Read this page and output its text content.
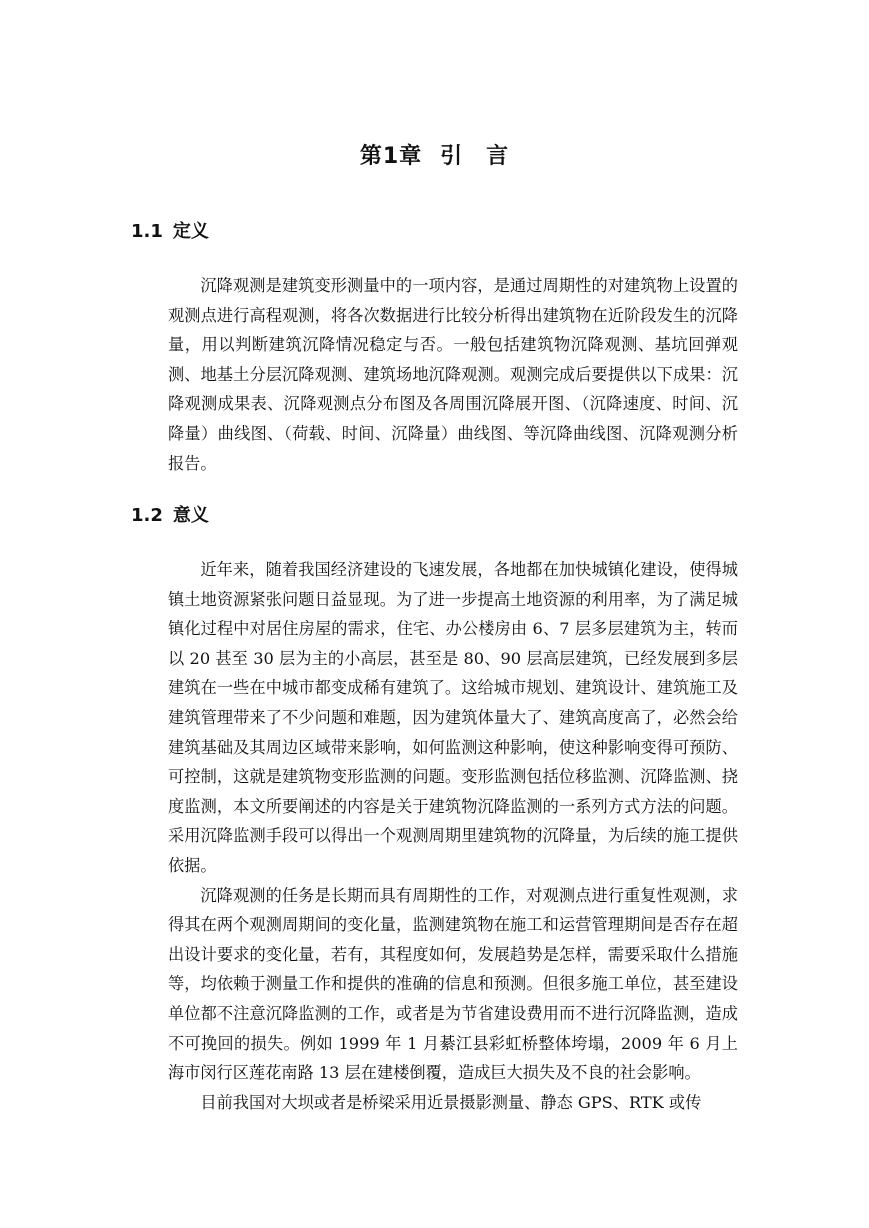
第1章 引　言
1.1 定义

沉降观测是建筑变形测量中的一项内容，是通过周期性的对建筑物上设置的观测点进行高程观测，将各次数据进行比较分析得出建筑物在近阶段发生的沉降量，用以判断建筑沉降情况稳定与否。一般包括建筑物沉降观测、基坑回弹观测、地基土分层沉降观测、建筑场地沉降观测。观测完成后要提供以下成果：沉降观测成果表、沉降观测点分布图及各周围沉降展开图、（沉降速度、时间、沉降量）曲线图、（荷载、时间、沉降量）曲线图、等沉降曲线图、沉降观测分析报告。

1.2 意义

近年来，随着我国经济建设的飞速发展，各地都在加快城镇化建设，使得城镇土地资源紧张问题日益显现。为了进一步提高土地资源的利用率，为了满足城镇化过程中对居住房屋的需求，住宅、办公楼房由 6、7 层多层建筑为主，转而以 20 甚至 30 层为主的小高层，甚至是 80、90 层高层建筑，已经发展到多层建筑在一些在中城市都变成稀有建筑了。这给城市规划、建筑设计、建筑施工及建筑管理带来了不少问题和难题，因为建筑体量大了、建筑高度高了，必然会给建筑基础及其周边区域带来影响，如何监测这种影响，使这种影响变得可预防、可控制，这就是建筑物变形监测的问题。变形监测包括位移监测、沉降监测、挠度监测，本文所要阐述的内容是关于建筑物沉降监测的一系列方式方法的问题。采用沉降监测手段可以得出一个观测周期里建筑物的沉降量，为后续的施工提供依据。

沉降观测的任务是长期而具有周期性的工作，对观测点进行重复性观测，求得其在两个观测周期间的变化量，监测建筑物在施工和运营管理期间是否存在超出设计要求的变化量，若有，其程度如何，发展趋势是怎样，需要采取什么措施等，均依赖于测量工作和提供的准确的信息和预测。但很多施工单位，甚至建设单位都不注意沉降监测的工作，或者是为节省建设费用而不进行沉降监测，造成不可挽回的损失。例如 1999 年 1 月綦江县彩虹桥整体垮塌，2009 年 6 月上海市闵行区莲花南路 13 层在建楼倒覆，造成巨大损失及不良的社会影响。

目前我国对大坝或者是桥梁采用近景摄影测量、静态 GPS、RTK 或传
